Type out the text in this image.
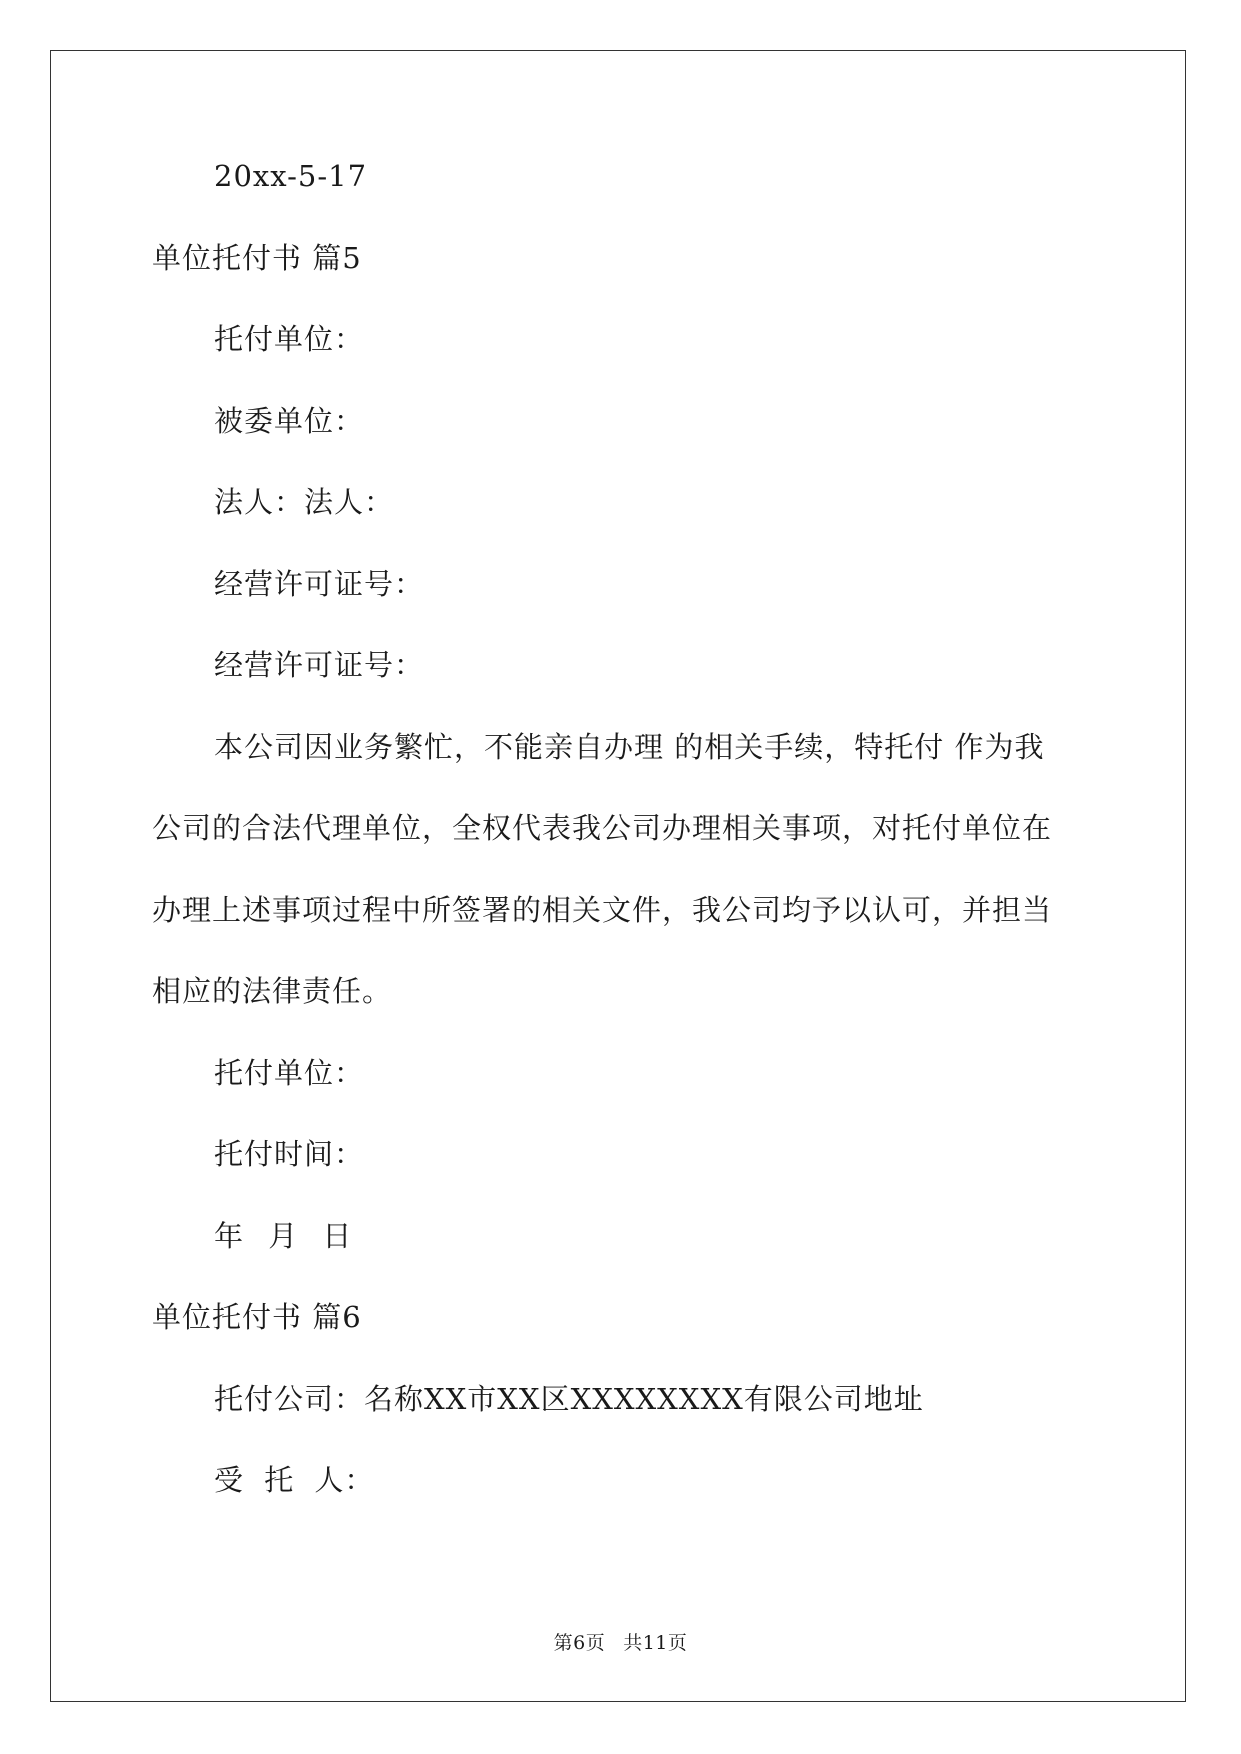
20xx-5-17
单位托付书 篇5
托付单位：
被委单位：
法人：法人：
经营许可证号：
经营许可证号：
本公司因业务繁忙，不能亲自办理 的相关手续，特托付 作为我
公司的合法代理单位，全权代表我公司办理相关事项，对托付单位在
办理上述事项过程中所签署的相关文件，我公司均予以认可，并担当
相应的法律责任。
托付单位：
托付时间：
年 月 日
单位托付书 篇6
托付公司：名称XX市XX区XXXXXXXX有限公司地址
受 托 人：
第6页 共11页
